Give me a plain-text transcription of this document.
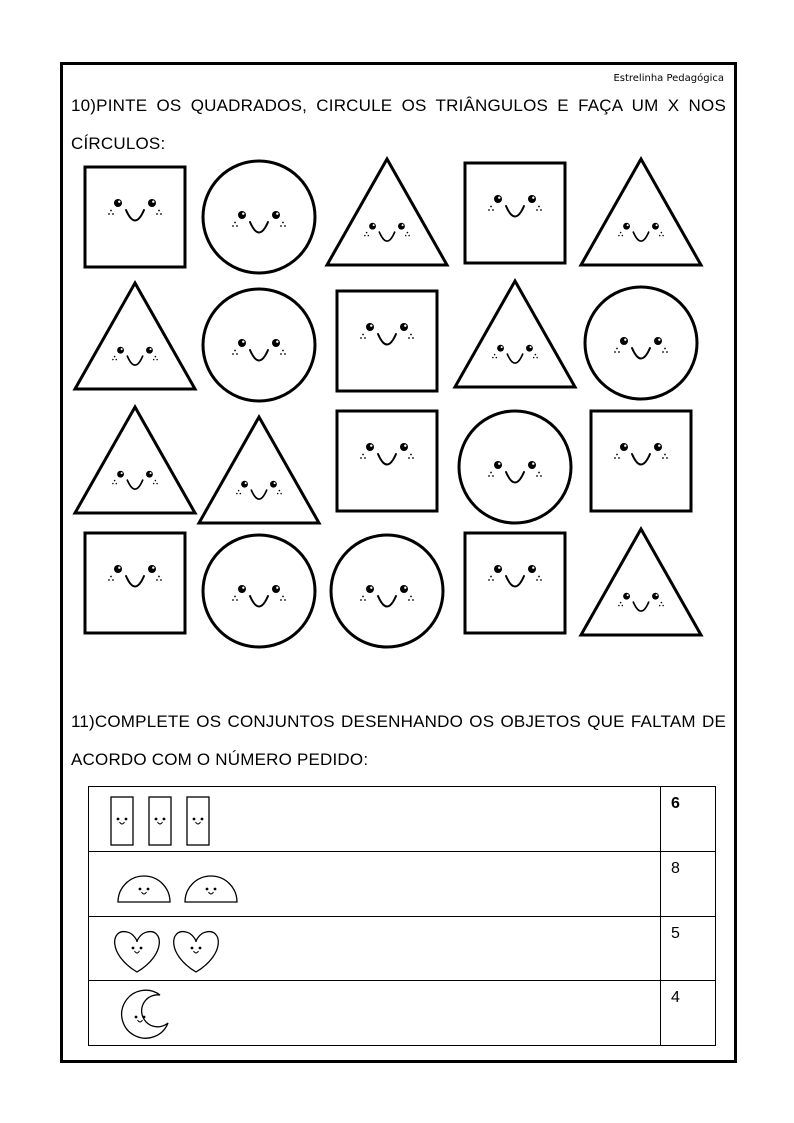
Estrelinha Pedagógica
10)PINTE OS QUADRADOS, CIRCULE OS TRIÂNGULOS E FAÇA UM X NOS CÍRCULOS:
11)COMPLETE OS CONJUNTOS DESENHANDO OS OBJETOS QUE FALTAM DE ACORDO COM O NÚMERO PEDIDO:
	6

	8

	5

	4
